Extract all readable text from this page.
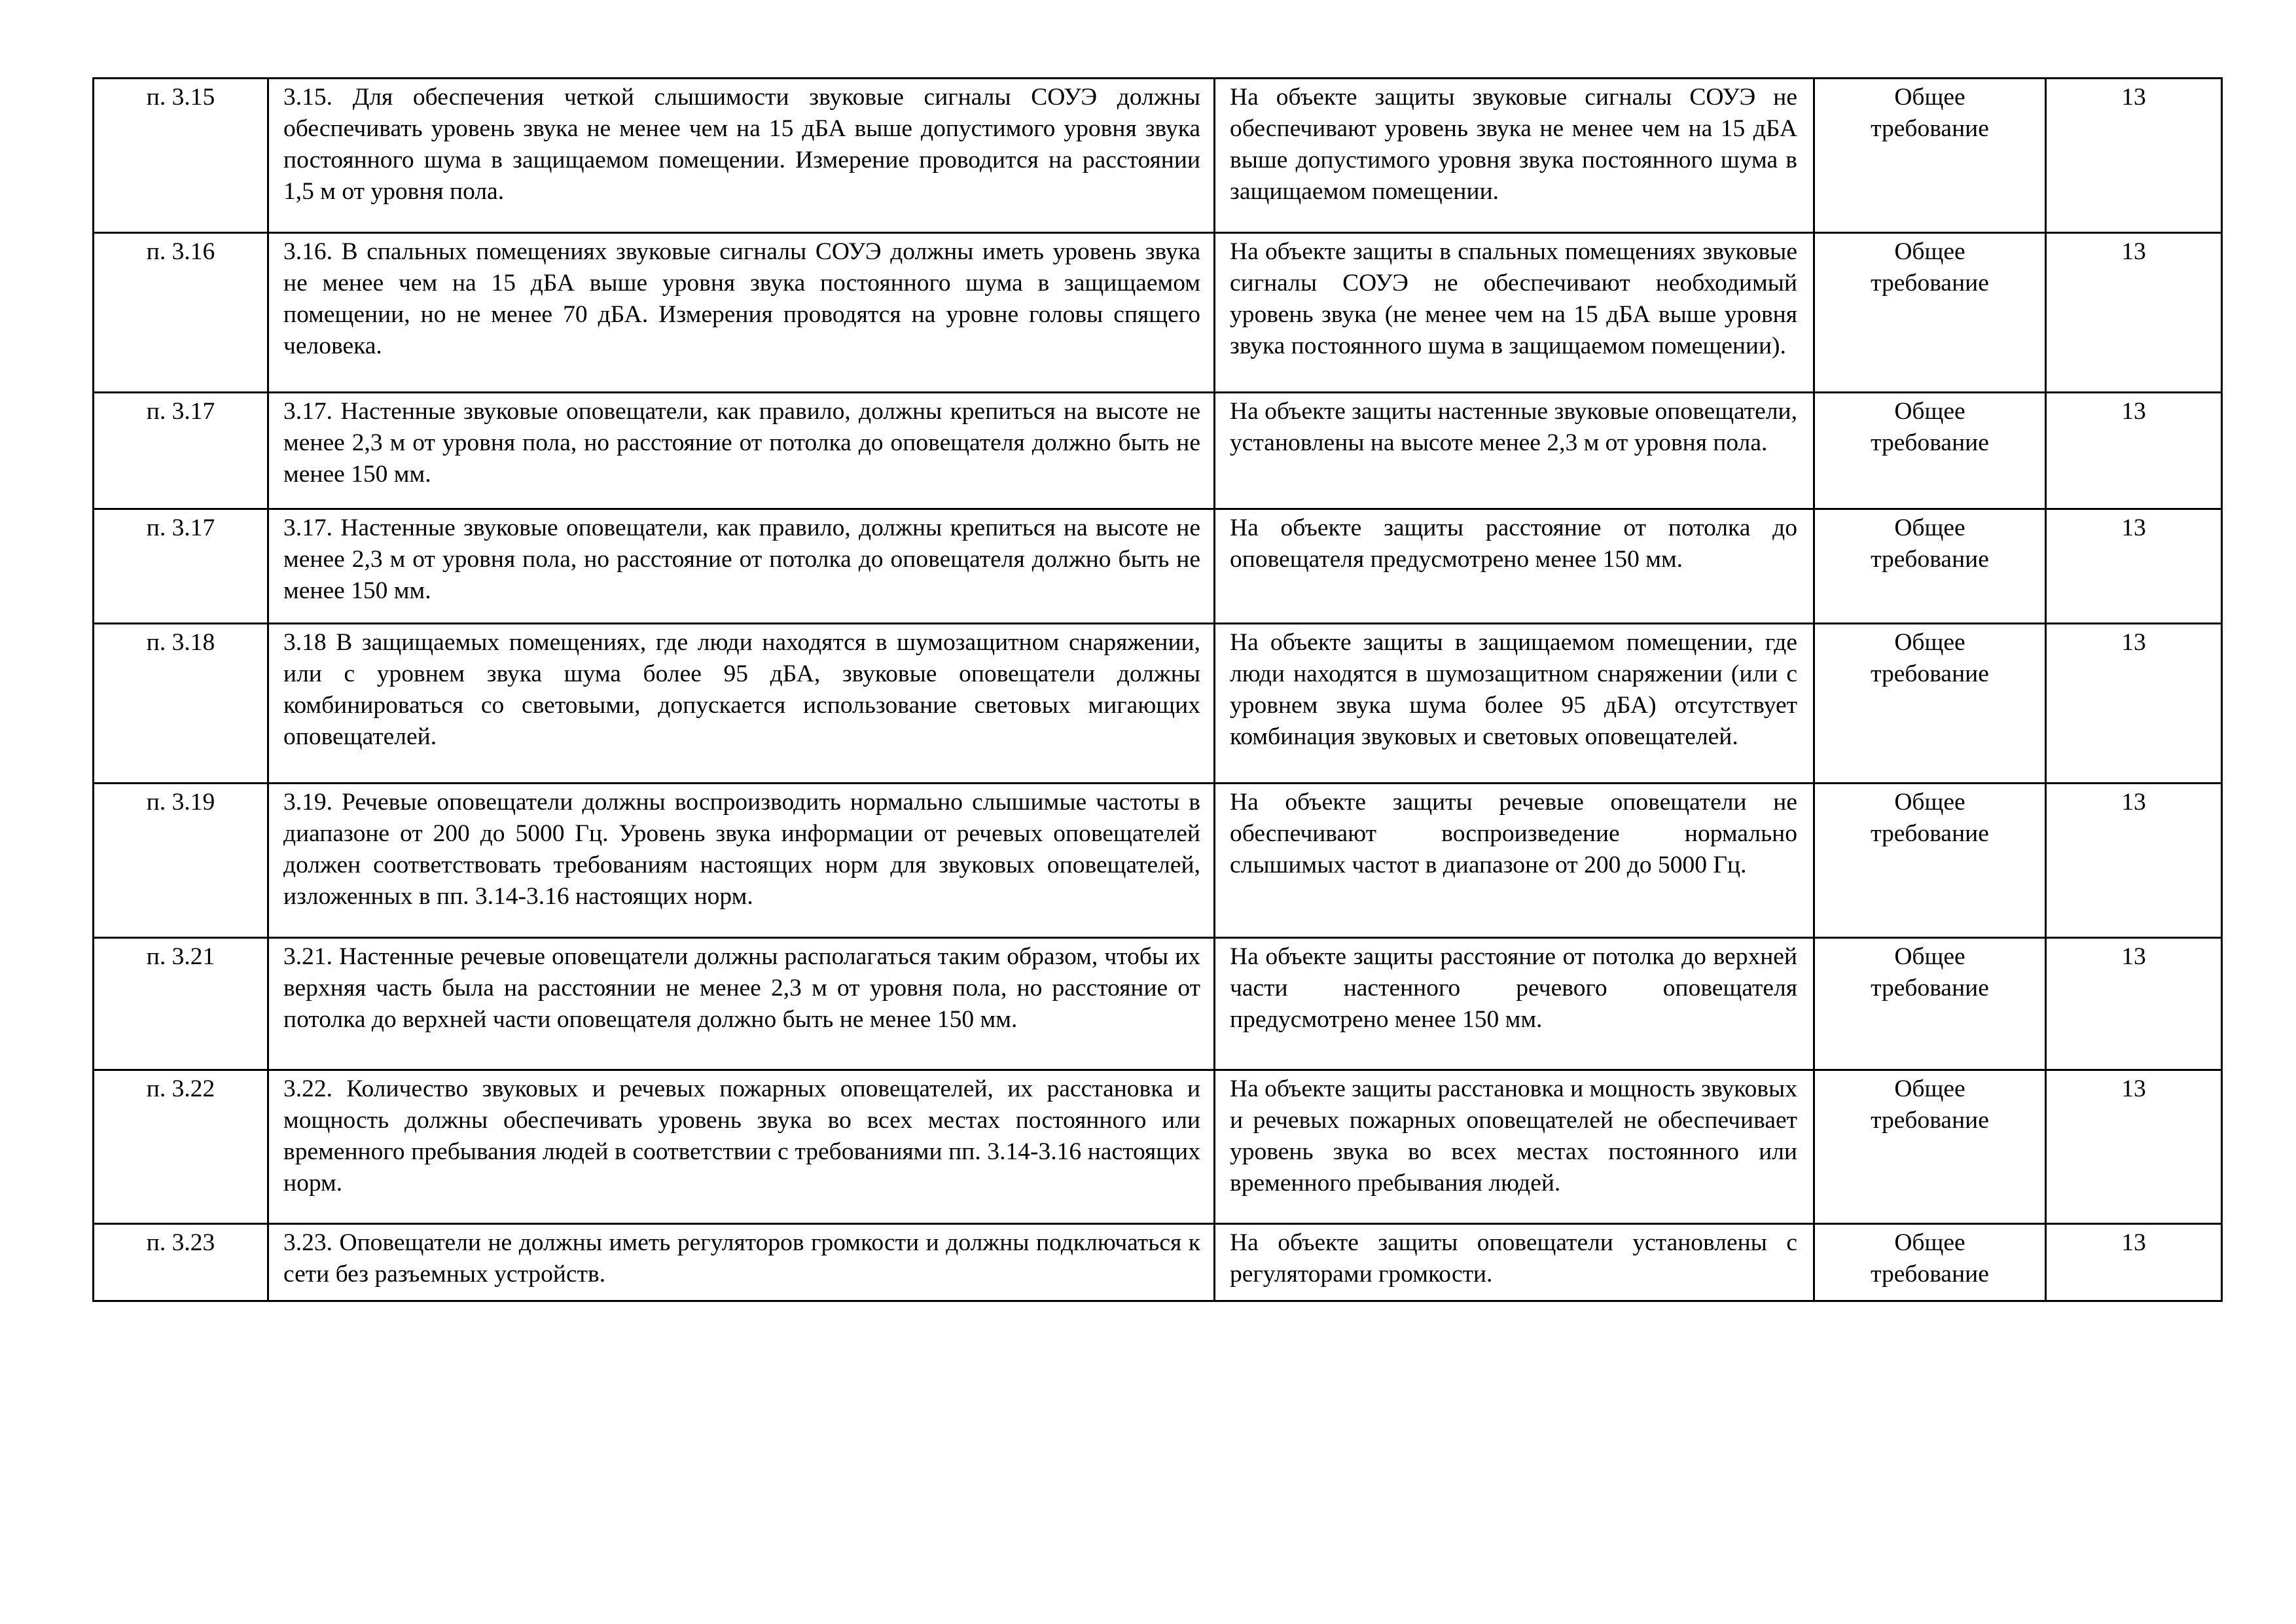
п. 3.15	3.15. Для обеспечения четкой слышимости звуковые сигналы СОУЭ должны обеспечивать уровень звука не менее чем на 15 дБА выше допустимого уровня звука постоянного шума в защищаемом помещении. Измерение проводится на расстоянии 1,5 м от уровня пола.	На объекте защиты звуковые сигналы СОУЭ не обеспечивают уровень звука не менее чем на 15 дБА выше допустимого уровня звука постоянного шума в защищаемом помещении.	Общее
требование	13

п. 3.16	3.16. В спальных помещениях звуковые сигналы СОУЭ должны иметь уровень звука не менее чем на 15 дБА выше уровня звука постоянного шума в защищаемом помещении, но не менее 70 дБА. Измерения проводятся на уровне головы спящего человека.	На объекте защиты в спальных помещениях звуковые сигналы СОУЭ не обеспечивают необходимый уровень звука (не менее чем на 15 дБА выше уровня звука постоянного шума в защищаемом помещении).	Общее
требование	13

п. 3.17	3.17. Настенные звуковые оповещатели, как правило, должны крепиться на высоте не менее 2,3 м от уровня пола, но расстояние от потолка до оповещателя должно быть не менее 150 мм.	На объекте защиты настенные звуковые оповещатели, установлены на высоте менее 2,3 м от уровня пола.	Общее
требование	13

п. 3.17	3.17. Настенные звуковые оповещатели, как правило, должны крепиться на высоте не менее 2,3 м от уровня пола, но расстояние от потолка до оповещателя должно быть не менее 150 мм.	На объекте защиты расстояние от потолка до оповещателя предусмотрено менее 150 мм.	Общее
требование	13

п. 3.18	3.18 В защищаемых помещениях, где люди находятся в шумозащитном снаряжении, или с уровнем звука шума более 95 дБА, звуковые оповещатели должны комбинироваться со световыми, допускается использование световых мигающих оповещателей.	На объекте защиты в защищаемом помещении, где люди находятся в шумозащитном снаряжении (или с уровнем звука шума более 95 дБА) отсутствует комбинация звуковых и световых оповещателей.	Общее
требование	13

п. 3.19	3.19. Речевые оповещатели должны воспроизводить нормально слышимые частоты в диапазоне от 200 до 5000 Гц. Уровень звука информации от речевых оповещателей должен соответствовать требованиям настоящих норм для звуковых оповещателей, изложенных в пп. 3.14-3.16 настоящих норм.	На объекте защиты речевые оповещатели не обеспечивают воспроизведение нормально слышимых частот в диапазоне от 200 до 5000 Гц.	Общее
требование	13

п. 3.21	3.21. Настенные речевые оповещатели должны располагаться таким образом, чтобы их верхняя часть была на расстоянии не менее 2,3 м от уровня пола, но расстояние от потолка до верхней части оповещателя должно быть не менее 150 мм.	На объекте защиты расстояние от потолка до верхней части настенного речевого оповещателя предусмотрено менее 150 мм.	Общее
требование	13

п. 3.22	3.22. Количество звуковых и речевых пожарных оповещателей, их расстановка и мощность должны обеспечивать уровень звука во всех местах постоянного или временного пребывания людей в соответствии с требованиями пп. 3.14-3.16 настоящих норм.	На объекте защиты расстановка и мощность звуковых и речевых пожарных оповещателей не обеспечивает уровень звука во всех местах постоянного или временного пребывания людей.	Общее
требование	13

п. 3.23	3.23. Оповещатели не должны иметь регуляторов громкости и должны подключаться к сети без разъемных устройств.	На объекте защиты оповещатели установлены с регуляторами громкости.	Общее
требование	13
